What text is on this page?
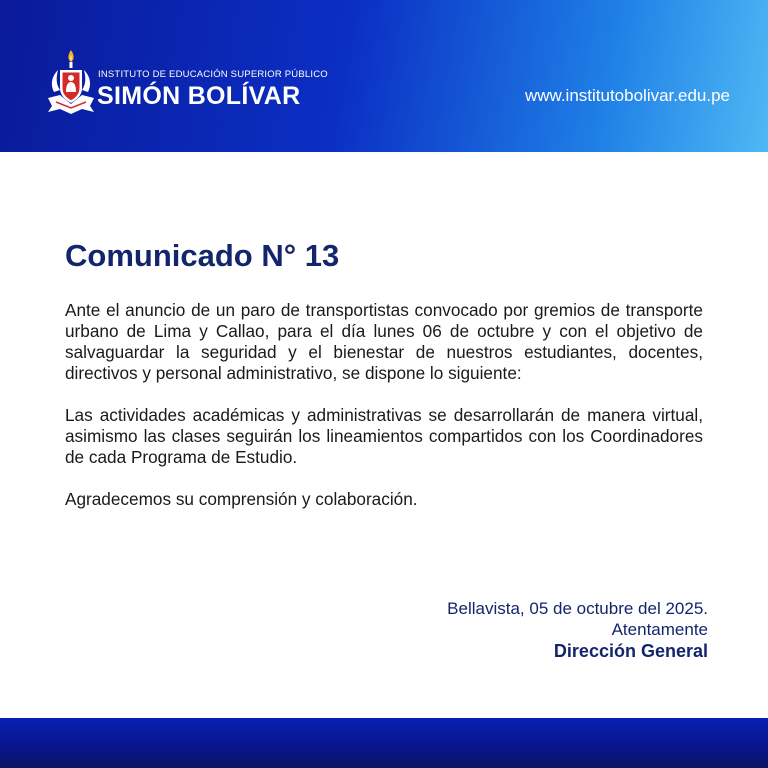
INSTITUTO DE EDUCACIÓN SUPERIOR PÚBLICO
SIMÓN BOLÍVAR	www.institutobolivar.edu.pe
Comunicado N° 13

Ante el anuncio de un paro de transportistas convocado por gremios de transporte urbano de Lima y Callao, para el día lunes 06 de octubre y con el objetivo de salvaguardar la seguridad y el bienestar de nuestros estudiantes, docentes, directivos y personal administrativo, se dispone lo siguiente:

Las actividades académicas y administrativas se desarrollarán de manera virtual, asimismo las clases seguirán los lineamientos compartidos con los Coordinadores de cada Programa de Estudio.

Agradecemos su comprensión y colaboración.

Bellavista, 05 de octubre del 2025.
Atentamente
Dirección General
